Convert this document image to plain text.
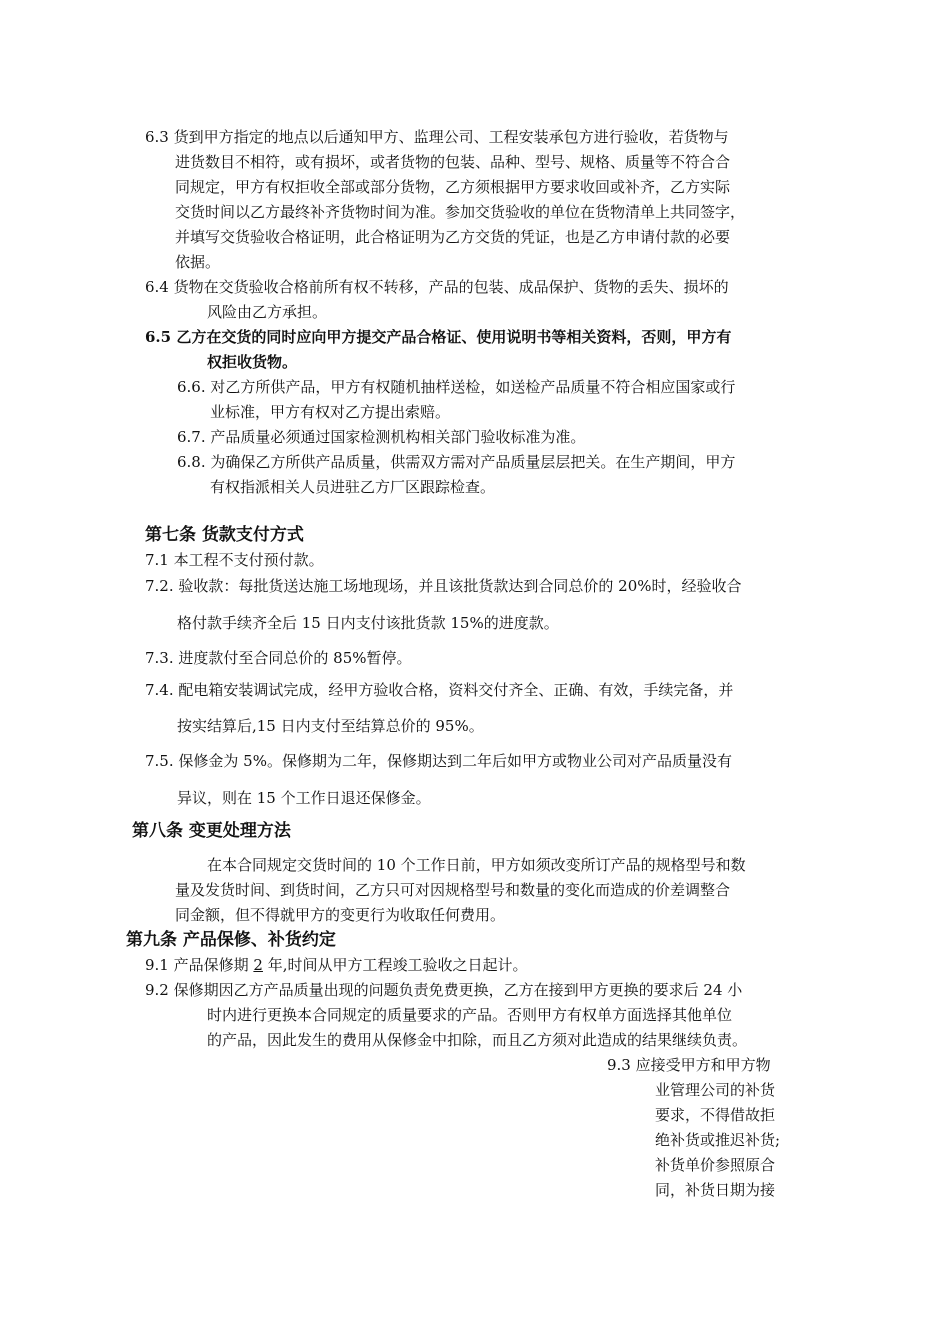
6.3 货到甲方指定的地点以后通知甲方、监理公司、工程安装承包方进行验收，若货物与
进货数目不相符，或有损坏，或者货物的包装、品种、型号、规格、质量等不符合合
同规定，甲方有权拒收全部或部分货物，乙方须根据甲方要求收回或补齐，乙方实际
交货时间以乙方最终补齐货物时间为准。参加交货验收的单位在货物清单上共同签字，
并填写交货验收合格证明，此合格证明为乙方交货的凭证，也是乙方申请付款的必要
依据。
6.4 货物在交货验收合格前所有权不转移，产品的包装、成品保护、货物的丢失、损坏的
风险由乙方承担。
6.5 乙方在交货的同时应向甲方提交产品合格证、使用说明书等相关资料，否则，甲方有
权拒收货物。
6.6. 对乙方所供产品，甲方有权随机抽样送检，如送检产品质量不符合相应国家或行
业标准，甲方有权对乙方提出索赔。
6.7. 产品质量必须通过国家检测机构相关部门验收标准为准。
6.8. 为确保乙方所供产品质量，供需双方需对产品质量层层把关。在生产期间，甲方
有权指派相关人员进驻乙方厂区跟踪检查。
第七条 货款支付方式
7.1 本工程不支付预付款。
7.2. 验收款：每批货送达施工场地现场，并且该批货款达到合同总价的 20%时，经验收合
格付款手续齐全后 15 日内支付该批货款 15%的进度款。
7.3. 进度款付至合同总价的 85%暂停。
7.4. 配电箱安装调试完成，经甲方验收合格，资料交付齐全、正确、有效，手续完备，并
按实结算后,15 日内支付至结算总价的 95%。
7.5. 保修金为 5%。保修期为二年，保修期达到二年后如甲方或物业公司对产品质量没有
异议，则在 15 个工作日退还保修金。
第八条 变更处理方法
在本合同规定交货时间的 10 个工作日前，甲方如须改变所订产品的规格型号和数
量及发货时间、到货时间，乙方只可对因规格型号和数量的变化而造成的价差调整合
同金额，但不得就甲方的变更行为收取任何费用。
第九条 产品保修、补货约定
9.1 产品保修期 2 年,时间从甲方工程竣工验收之日起计。
9.2 保修期因乙方产品质量出现的问题负责免费更换，乙方在接到甲方更换的要求后 24 小
时内进行更换本合同规定的质量要求的产品。否则甲方有权单方面选择其他单位
的产品，因此发生的费用从保修金中扣除，而且乙方须对此造成的结果继续负责。
9.3 应接受甲方和甲方物
业管理公司的补货
要求，不得借故拒
绝补货或推迟补货;
补货单价参照原合
同，补货日期为接
